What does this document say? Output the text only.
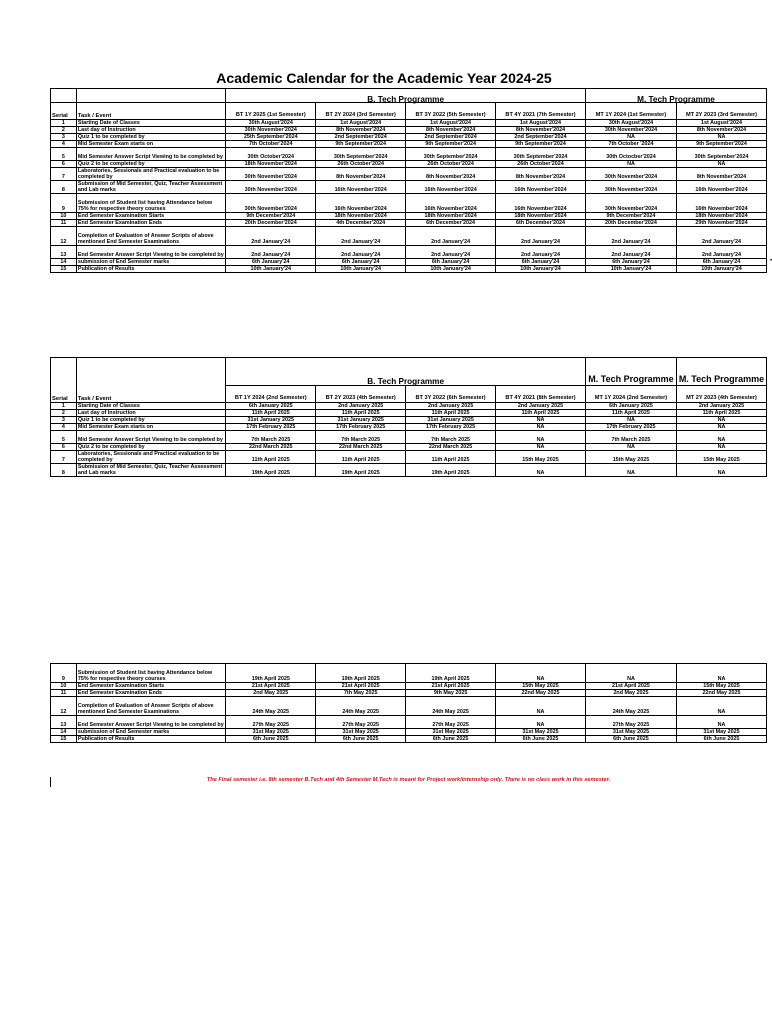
Academic Calendar for the Academic Year 2024-25
		B. Tech Programme				M. Tech Programme	

Serial	Task / Event	BT 1Y 2025 (1st Semester)	BT 2Y 2024 (3rd Semester)	BT 3Y 2022 (5th Semester)	BT 4Y 2021 (7th Semester)	MT 1Y 2024 (1st Semester)	MT 2Y 2023 (3rd Semester)
1	Starting Date of Classes	30th August'2024	1st August'2024	1st August'2024	1st August'2024	30th August'2024	1st August'2024
2	Last day of Instruction	30th November'2024	8th November'2024	8th November'2024	8th November'2024	30th November'2024	8th November'2024
3	Quiz 1 to be completed by	25th September'2024	2nd September'2024	2nd September'2024	2nd September'2024	NA	NA
4	Mid Semester Exam starts on	7th October'2024	9th September'2024	9th September'2024	9th September'2024	7th October '2024	9th September'2024
5	Mid Semester Answer Script Viewing to be completed by	30th October'2024	30th September'2024	30th September'2024	30th September'2024	30th Octocber'2024	30th September'2024
6	Quiz 2 to be completed by	18th November'2024	26th October'2024	26th October'2024	26th October'2024	NA	NA
7	Laboratories, Sessionals and Practical evaluation to be completed by	30th November'2024	8th November'2024	8th November'2024	8th November'2024	30th November'2024	8th November'2024
8	Submission of Mid Semester, Quiz, Teacher Assessment and Lab marks	30th November'2024	16th November'2024	16th November'2024	16th November'2024	30th November'2024	16th November'2024
9	Submission of Student list having Attendance below 75% for respective theory courses	30th November'2024	16th November'2024	16th November'2024	16th November'2024	30th November'2024	16th November'2024
10	End Semester Examination Starts	9th December'2024	18th November'2024	18th November'2024	18th November'2024	9th December'2024	18th November'2024
11	End Semester Examination Ends	20th December'2024	4th December'2024	6th December'2024	6th December'2024	20th December'2024	29th November'2024
12	Completion of Evaluation of Answer Scripts of above mentioned End Semester Examinations	2nd January'24	2nd January'24	2nd January'24	2nd January'24	2nd January'24	2nd January'24
13	End Semester Answer Script Viewing to be completed by	2nd January'24	2nd January'24	2nd January'24	2nd January'24	2nd January'24	2nd January'24
14	submission of End Semester marks	6th January'24	6th January'24	6th January'24	6th January'24	6th January'24	6th January'24
15	Publication of Results	10th January'24	10th January'24	10th January'24	10th January'24	10th January'24	10th January'24
		B. Tech Programme				M. Tech Programme	M. Tech Programme
Serial	Task / Event	BT 1Y 2024 (2nd Semester)	BT 2Y 2023 (4th Semester)	BT 3Y 2022 (6th Semester)	BT 4Y 2021 (8th Semester)	MT 1Y 2024 (2nd Semester)	MT 2Y 2023 (4th Semester)
1	Starting Date of Classes	6th January 2025	2nd January 2025	2nd January 2025	2nd January 2025	6th January 2025	2nd January 2025
2	Last day of Instruction	11th April 2025	11th April 2025	11th April 2025	11th April 2025	11th April 2025	11th April 2025
3	Quiz 1 to be completed by	31st January 2025	31st January 2025	31st January 2025	NA	NA	NA
4	Mid Semester Exam starts on	17th February 2025	17th February 2025	17th February 2025	NA	17th February 2025	NA
5	Mid Semester Answer Script Viewing to be completed by	7th March 2025	7th March 2025	7th March 2025	NA	7th March 2025	NA
6	Quiz 2 to be completed by	22nd March 2025	22nd March 2025	22nd March 2025	NA	NA	NA
7	Laboratories, Sessionals and Practical evaluation to be completed by	11th April 2025	11th April 2025	11th April 2025	15th May 2025	15th May 2025	15th May 2025
8	Submission of Mid Semester, Quiz, Teacher Assessment and Lab marks	19th April 2025	19th April 2025	19th April 2025	NA	NA	NA
9	Submission of Student list having Attendance below 75% for respective theory courses	19th April 2025	19th April 2025	19th April 2025	NA	NA	NA
10	End Semester Examination Starts	21st April 2025	21st April 2025	21st April 2025	15th May 2025	21st April 2025	15th May 2025
11	End Semester Examination Ends	2nd May 2025	7th May 2025	9th May 2025	22nd May 2025	2nd May 2025	22nd May 2025
12	Completion of Evaluation of Answer Scripts of above mentioned End Semester Examinations	24th May 2025	24th May 2025	24th May 2025	NA	24th May 2025	NA
13	End Semester Answer Script Viewing to be completed by	27th May 2025	27th May 2025	27th May 2025	NA	27th May 2025	NA
14	submission of End Semester marks	31st May 2025	31st May 2025	31st May 2025	31st May 2025	31st May 2025	31st May 2025
15	Publication of Results	6th June 2025	6th June 2025	6th June 2025	6th June 2025	6th June 2025	6th June 2025
The Final semester i.e. 8th semester B.Tech and 4th Semester M.Tech is meant for Project work/internship only. There is no class work in this semester.
•
